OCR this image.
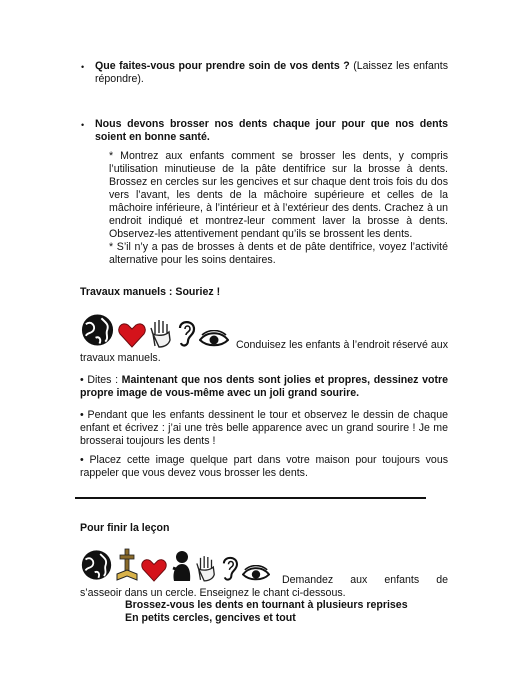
• Que faites-vous pour prendre soin de vos dents ? (Laissez les enfants répondre).
• Nous devons brosser nos dents chaque jour pour que nos dents soient en bonne santé.
* Montrez aux enfants comment se brosser les dents, y compris l’utilisation minutieuse de la pâte dentifrice sur la brosse à dents. Brossez en cercles sur les gencives et sur chaque dent trois fois du dos vers l’avant, les dents de la mâchoire supérieure et celles de la mâchoire inférieure, à l’intérieur et à l’extérieur des dents. Crachez à un endroit indiqué et montrez-leur comment laver la brosse à dents. Observez-les attentivement pendant qu’ils se brossent les dents.
* S’il n’y a pas de brosses à dents et de pâte dentifrice, voyez l’activité alternative pour les soins dentaires.
Travaux manuels : Souriez !
Conduisez les enfants à l’endroit réservé aux travaux manuels.
• Dites : Maintenant que nos dents sont jolies et propres, dessinez votre propre image de vous-même avec un joli grand sourire.
• Pendant que les enfants dessinent le tour et observez le dessin de chaque enfant et écrivez : j’ai une très belle apparence avec un grand sourire ! Je me brosserai toujours les dents !
• Placez cette image quelque part dans votre maison pour toujours vous rappeler que vous devez vous brosser les dents.
Pour finir la leçon
Demandez aux enfants de s’asseoir dans un cercle. Enseignez le chant ci-dessous.
Brossez-vous les dents en tournant à plusieurs reprises
En petits cercles, gencives et tout
